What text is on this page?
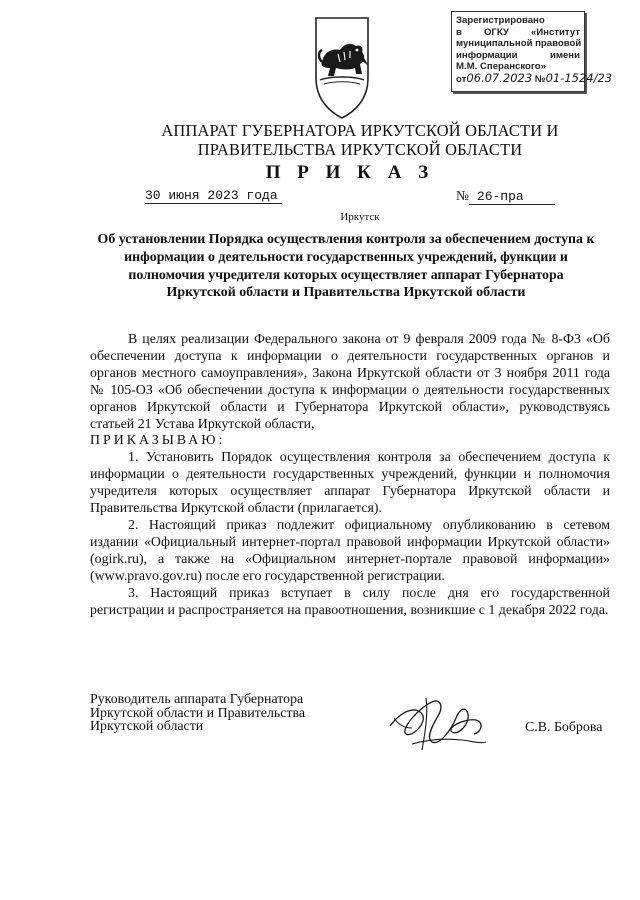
Зарегистрировано
в ОГКУ «Институт
муниципальной правовой
информации	имени
М.М. Сперанского»
от06.07.2023 №01-1524/23
АППАРАТ ГУБЕРНАТОРА ИРКУТСКОЙ ОБЛАСТИ И ПРАВИТЕЛЬСТВА ИРКУТСКОЙ ОБЛАСТИ
П Р И К А З
30 июня 2023 года	№ 26-пра
Иркутск
Об установлении Порядка осуществления контроля за обеспечением доступа к информации о деятельности государственных учреждений, функции и полномочия учредителя которых осуществляет аппарат Губернатора Иркутской области и Правительства Иркутской области

В целях реализации Федерального закона от 9 февраля 2009 года № 8-ФЗ «Об обеспечении доступа к информации о деятельности государственных органов и органов местного самоуправления», Закона Иркутской области от 3 ноября 2011 года № 105-ОЗ «Об обеспечении доступа к информации о деятельности государственных органов Иркутской области и Губернатора Иркутской области», руководствуясь статьей 21 Устава Иркутской области,

ПРИКАЗЫВАЮ:

1. Установить Порядок осуществления контроля за обеспечением доступа к информации о деятельности государственных учреждений, функции и полномочия учредителя которых осуществляет аппарат Губернатора Иркутской области и Правительства Иркутской области (прилагается).

2. Настоящий приказ подлежит официальному опубликованию в сетевом издании «Официальный интернет-портал правовой информации Иркутской области» (ogirk.ru), а также на «Официальном интернет-портале правовой информации» (www.pravo.gov.ru) после его государственной регистрации.

3. Настоящий приказ вступает в силу после дня его государственной регистрации и распространяется на правоотношения, возникшие с 1 декабря 2022 года.

Руководитель аппарата Губернатора
Иркутской области и Правительства
Иркутской области	С.В. Боброва
